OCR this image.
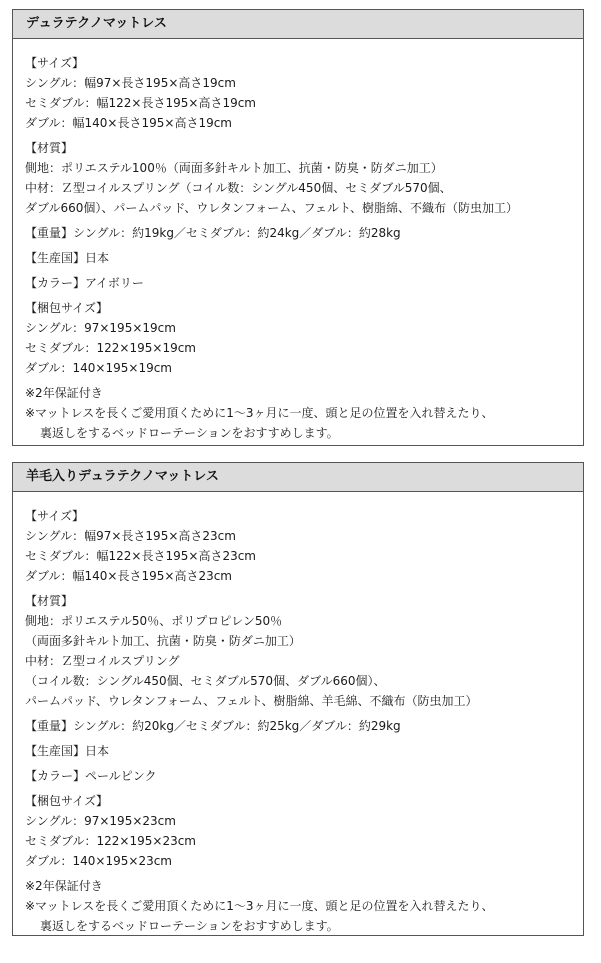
デュラテクノマットレス
【サイズ】
シングル：幅97×長さ195×高さ19cm
セミダブル：幅122×長さ195×高さ19cm
ダブル：幅140×長さ195×高さ19cm
【材質】
側地：ポリエステル100％（両面多針キルト加工、抗菌・防臭・防ダニ加工）
中材：Ｚ型コイルスプリング（コイル数：シングル450個、セミダブル570個、
ダブル660個）、パームパッド、ウレタンフォーム、フェルト、樹脂綿、不織布（防虫加工）
【重量】シングル：約19kg／セミダブル：約24kg／ダブル：約28kg
【生産国】日本
【カラー】アイボリー
【梱包サイズ】
シングル：97×195×19cm
セミダブル：122×195×19cm
ダブル：140×195×19cm
※2年保証付き
※マットレスを長くご愛用頂くために1～3ヶ月に一度、頭と足の位置を入れ替えたり、
裏返しをするベッドローテーションをおすすめします。
羊毛入りデュラテクノマットレス
【サイズ】
シングル：幅97×長さ195×高さ23cm
セミダブル：幅122×長さ195×高さ23cm
ダブル：幅140×長さ195×高さ23cm
【材質】
側地：ポリエステル50％、ポリプロピレン50％
（両面多針キルト加工、抗菌・防臭・防ダニ加工）
中材：Ｚ型コイルスプリング
（コイル数：シングル450個、セミダブル570個、ダブル660個）、
パームパッド、ウレタンフォーム、フェルト、樹脂綿、羊毛綿、不織布（防虫加工）
【重量】シングル：約20kg／セミダブル：約25kg／ダブル：約29kg
【生産国】日本
【カラー】ペールピンク
【梱包サイズ】
シングル：97×195×23cm
セミダブル：122×195×23cm
ダブル：140×195×23cm
※2年保証付き
※マットレスを長くご愛用頂くために1～3ヶ月に一度、頭と足の位置を入れ替えたり、
裏返しをするベッドローテーションをおすすめします。
